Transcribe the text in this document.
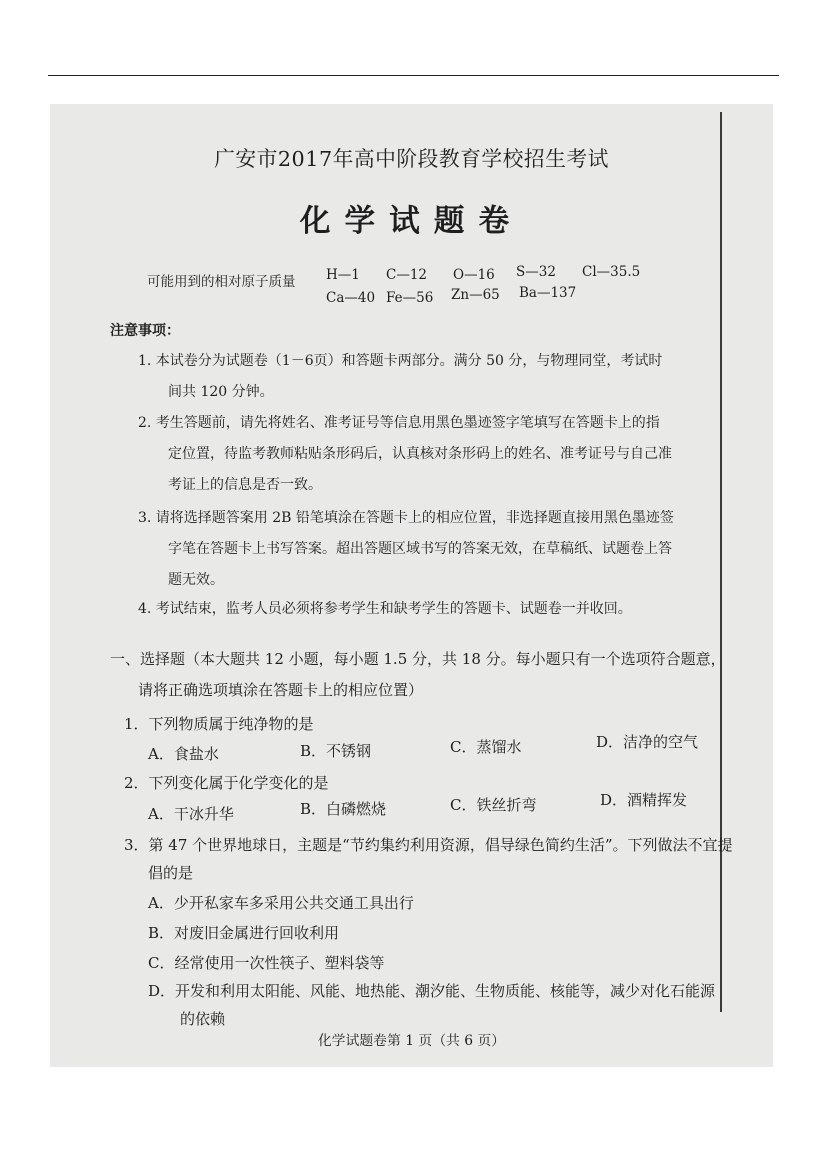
广安市2017年高中阶段教育学校招生考试
化学试题卷
可能用到的相对原子质量 H—1 C—12 O—16 S—32 Cl—35.5
Ca—40 Fe—56 Zn—65 Ba—137
注意事项：
1. 本试卷分为试题卷（1－6页）和答题卡两部分。满分 50 分，与物理同堂，考试时
间共 120 分钟。
2. 考生答题前，请先将姓名、准考证号等信息用黑色墨迹签字笔填写在答题卡上的指
定位置，待监考教师粘贴条形码后，认真核对条形码上的姓名、准考证号与自己准
考证上的信息是否一致。
3. 请将选择题答案用 2B 铅笔填涂在答题卡上的相应位置，非选择题直接用黑色墨迹签
字笔在答题卡上书写答案。超出答题区域书写的答案无效，在草稿纸、试题卷上答
题无效。
4. 考试结束，监考人员必须将参考学生和缺考学生的答题卡、试题卷一并收回。
一、选择题（本大题共 12 小题，每小题 1.5 分，共 18 分。每小题只有一个选项符合题意，
请将正确选项填涂在答题卡上的相应位置）
1．下列物质属于纯净物的是
A．食盐水	B．不锈钢	C．蒸馏水	D．洁净的空气
2．下列变化属于化学变化的是
A．干冰升华	B．白磷燃烧	C．铁丝折弯	D．酒精挥发
3．第 47 个世界地球日，主题是“节约集约利用资源，倡导绿色简约生活”。下列做法不宜提
倡的是
A．少开私家车多采用公共交通工具出行
B．对废旧金属进行回收利用
C．经常使用一次性筷子、塑料袋等
D．开发和利用太阳能、风能、地热能、潮汐能、生物质能、核能等，减少对化石能源
的依赖
化学试题卷第 1 页（共 6 页）
